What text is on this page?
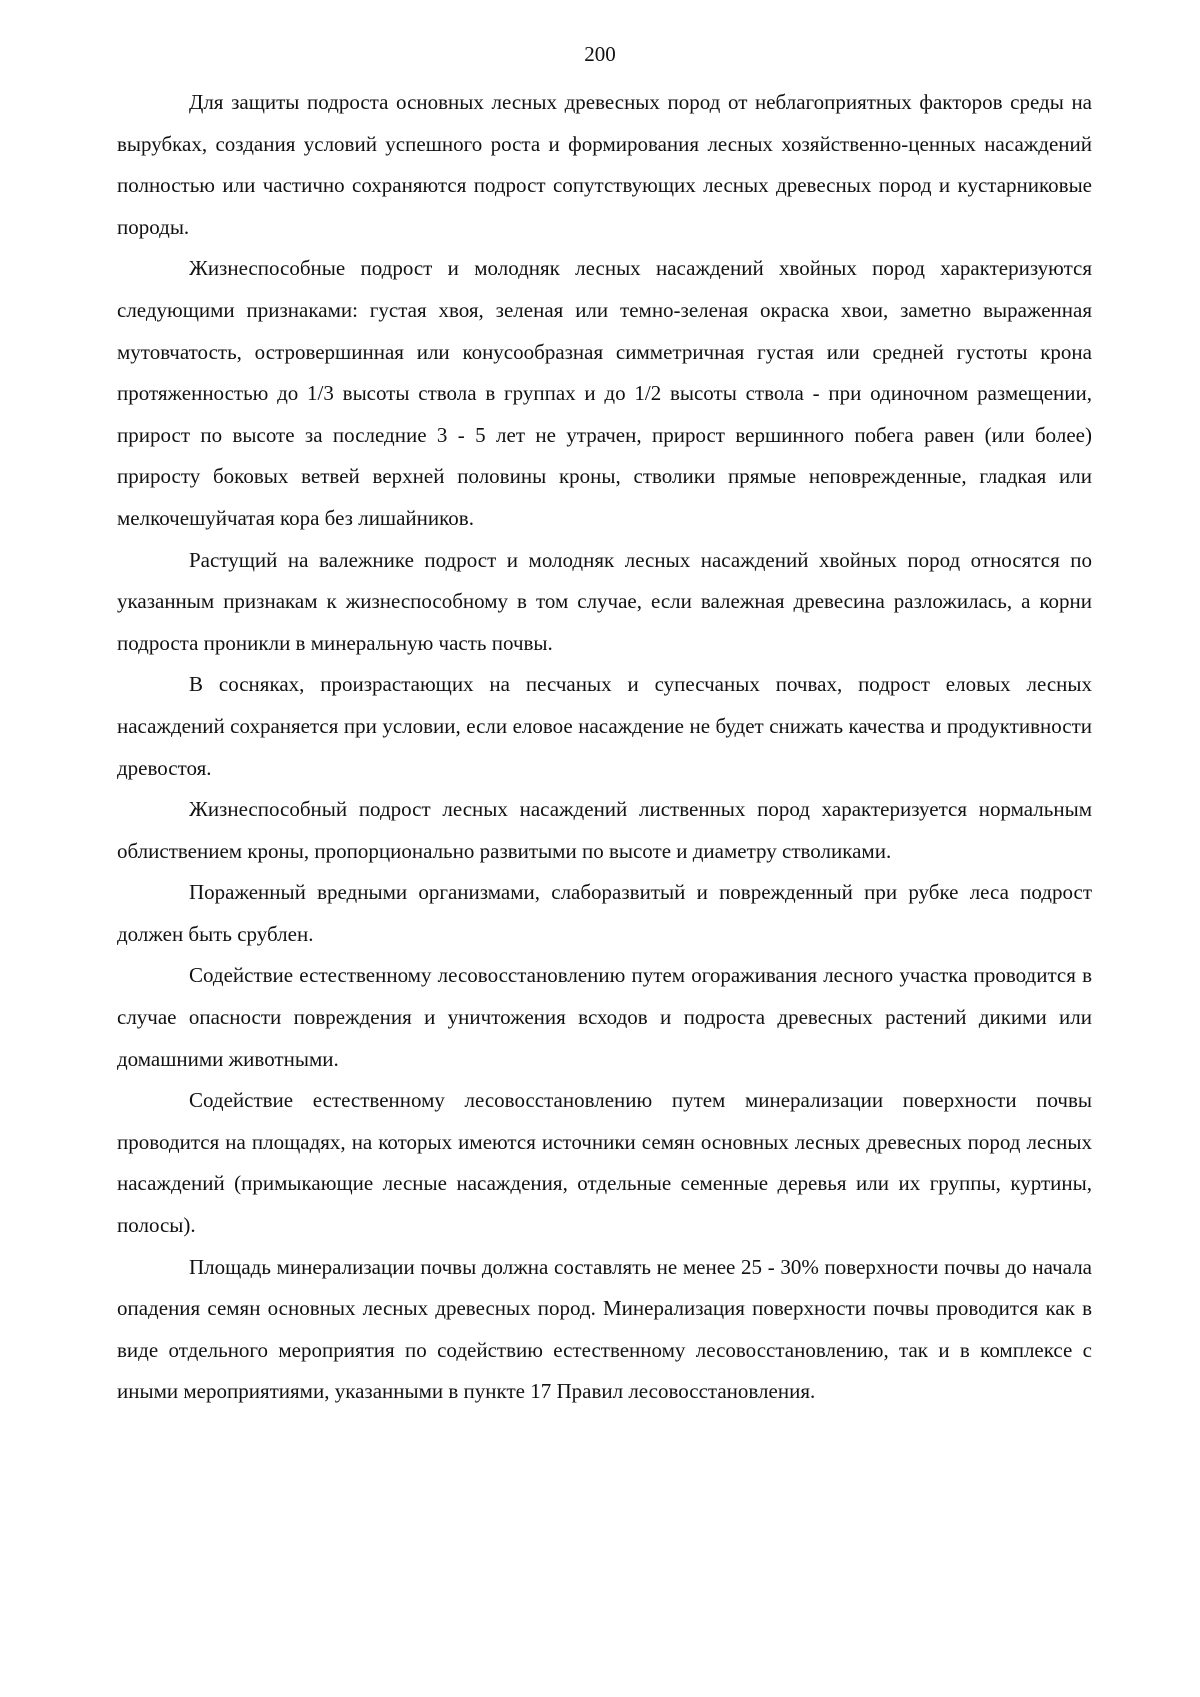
200

Для защиты подроста основных лесных древесных пород от неблагоприятных факторов среды на вырубках, создания условий успешного роста и формирования лесных хозяйственно-ценных насаждений полностью или частично сохраняются подрост сопутствующих лесных древесных пород и кустарниковые породы.

Жизнеспособные подрост и молодняк лесных насаждений хвойных пород характеризуются следующими признаками: густая хвоя, зеленая или темно-зеленая окраска хвои, заметно выраженная мутовчатость, островершинная или конусообразная симметричная густая или средней густоты крона протяженностью до 1/3 высоты ствола в группах и до 1/2 высоты ствола - при одиночном размещении, прирост по высоте за последние 3 - 5 лет не утрачен, прирост вершинного побега равен (или более) приросту боковых ветвей верхней половины кроны, стволики прямые неповрежденные, гладкая или мелкочешуйчатая кора без лишайников.

Растущий на валежнике подрост и молодняк лесных насаждений хвойных пород относятся по указанным признакам к жизнеспособному в том случае, если валежная древесина разложилась, а корни подроста проникли в минеральную часть почвы.

В сосняках, произрастающих на песчаных и супесчаных почвах, подрост еловых лесных насаждений сохраняется при условии, если еловое насаждение не будет снижать качества и продуктивности древостоя.

Жизнеспособный подрост лесных насаждений лиственных пород характеризуется нормальным облиствением кроны, пропорционально развитыми по высоте и диаметру стволиками.

Пораженный вредными организмами, слаборазвитый и поврежденный при рубке леса подрост должен быть срублен.

Содействие естественному лесовосстановлению путем огораживания лесного участка проводится в случае опасности повреждения и уничтожения всходов и подроста древесных растений дикими или домашними животными.

Содействие естественному лесовосстановлению путем минерализации поверхности почвы проводится на площадях, на которых имеются источники семян основных лесных древесных пород лесных насаждений (примыкающие лесные насаждения, отдельные семенные деревья или их группы, куртины, полосы).

Площадь минерализации почвы должна составлять не менее 25 - 30% поверхности почвы до начала опадения семян основных лесных древесных пород. Минерализация поверхности почвы проводится как в виде отдельного мероприятия по содействию естественному лесовосстановлению, так и в комплексе с иными мероприятиями, указанными в пункте 17 Правил лесовосстановления.
